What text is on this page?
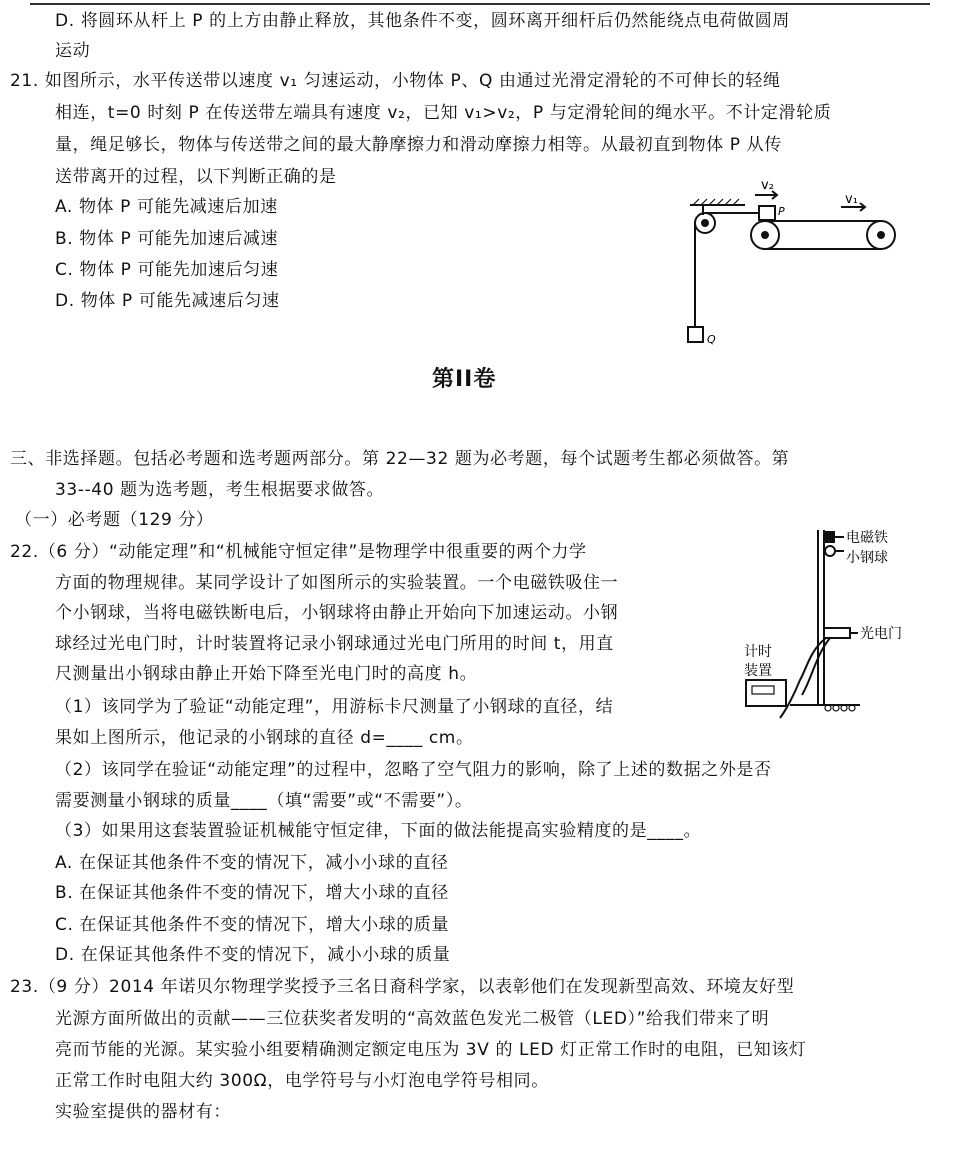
D. 将圆环从杆上 P 的上方由静止释放，其他条件不变，圆环离开细杆后仍然能绕点电荷做圆周
运动
21. 如图所示，水平传送带以速度 v₁ 匀速运动，小物体 P、Q 由通过光滑定滑轮的不可伸长的轻绳
相连，t=0 时刻 P 在传送带左端具有速度 v₂，已知 v₁>v₂，P 与定滑轮间的绳水平。不计定滑轮质
量，绳足够长，物体与传送带之间的最大静摩擦力和滑动摩擦力相等。从最初直到物体 P 从传
送带离开的过程，以下判断正确的是
A. 物体 P 可能先减速后加速
B. 物体 P 可能先加速后减速
C. 物体 P 可能先加速后匀速
D. 物体 P 可能先减速后匀速
v₂
v₁
P
Q
第II卷
三、非选择题。包括必考题和选考题两部分。第 22—32 题为必考题，每个试题考生都必须做答。第
33--40 题为选考题，考生根据要求做答。
（一）必考题（129 分）
22.（6 分）“动能定理”和“机械能守恒定律”是物理学中很重要的两个力学
方面的物理规律。某同学设计了如图所示的实验装置。一个电磁铁吸住一
个小钢球，当将电磁铁断电后，小钢球将由静止开始向下加速运动。小钢
球经过光电门时，计时装置将记录小钢球通过光电门所用的时间 t，用直
尺测量出小钢球由静止开始下降至光电门时的高度 h。
（1）该同学为了验证“动能定理”，用游标卡尺测量了小钢球的直径，结
果如上图所示，他记录的小钢球的直径 d=____ cm。
（2）该同学在验证“动能定理”的过程中，忽略了空气阻力的影响，除了上述的数据之外是否
需要测量小钢球的质量____（填“需要”或“不需要”）。
（3）如果用这套装置验证机械能守恒定律，下面的做法能提高实验精度的是____。
A. 在保证其他条件不变的情况下，减小小球的直径
B. 在保证其他条件不变的情况下，增大小球的直径
C. 在保证其他条件不变的情况下，增大小球的质量
D. 在保证其他条件不变的情况下，减小小球的质量
电磁铁
小钢球
光电门
计时
装置
23.（9 分）2014 年诺贝尔物理学奖授予三名日裔科学家，以表彰他们在发现新型高效、环境友好型
光源方面所做出的贡献——三位获奖者发明的“高效蓝色发光二极管（LED）”给我们带来了明
亮而节能的光源。某实验小组要精确测定额定电压为 3V 的 LED 灯正常工作时的电阻，已知该灯
正常工作时电阻大约 300Ω，电学符号与小灯泡电学符号相同。
实验室提供的器材有：
